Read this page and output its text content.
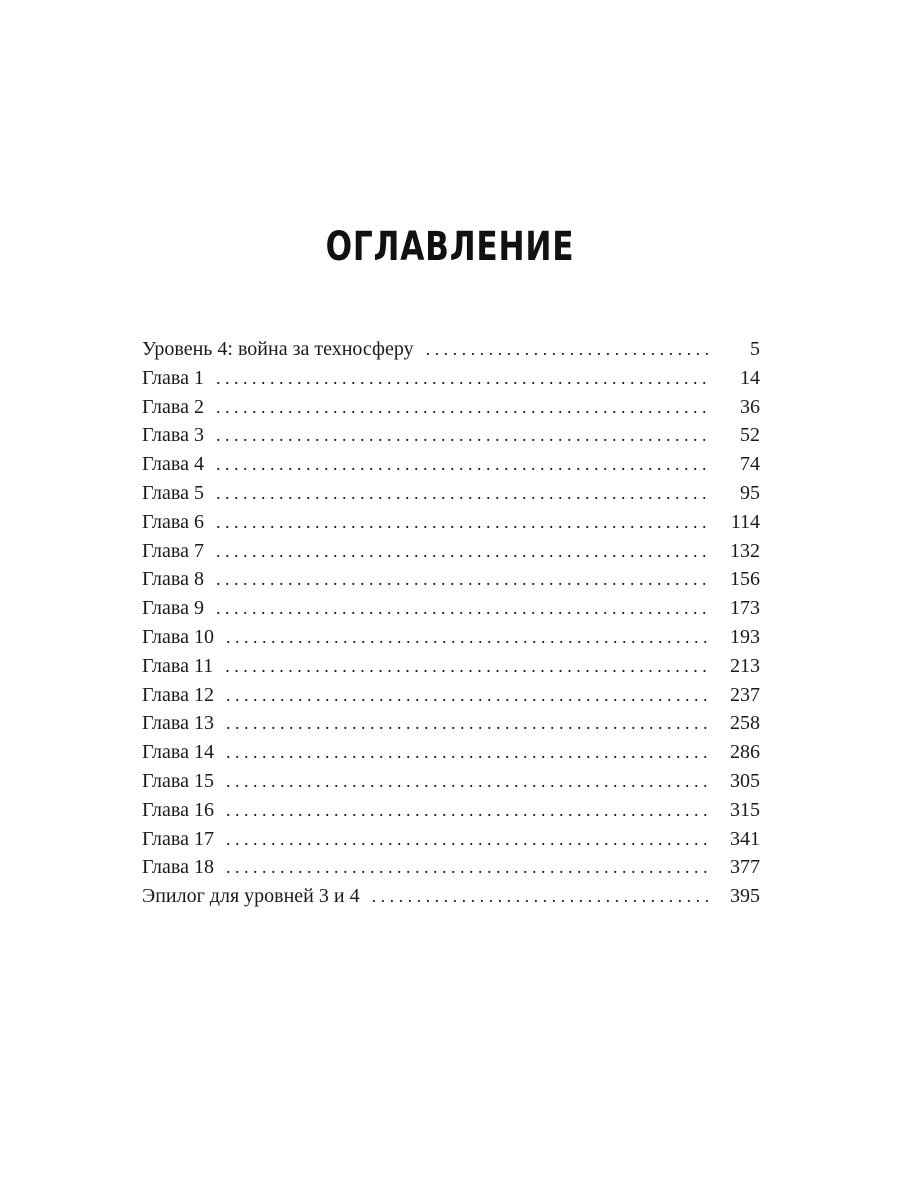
ОГЛАВЛЕНИЕ
Уровень 4: война за техносферу . . .	5
Глава 1 . . .	14
Глава 2 . . .	36
Глава 3 . . .	52
Глава 4 . . .	74
Глава 5 . . .	95
Глава 6 . . .	114
Глава 7 . . .	132
Глава 8 . . .	156
Глава 9 . . .	173
Глава 10 . . .	193
Глава 11 . . .	213
Глава 12 . . .	237
Глава 13 . . .	258
Глава 14 . . .	286
Глава 15 . . .	305
Глава 16 . . .	315
Глава 17 . . .	341
Глава 18 . . .	377
Эпилог для уровней 3 и 4 . . .	395
